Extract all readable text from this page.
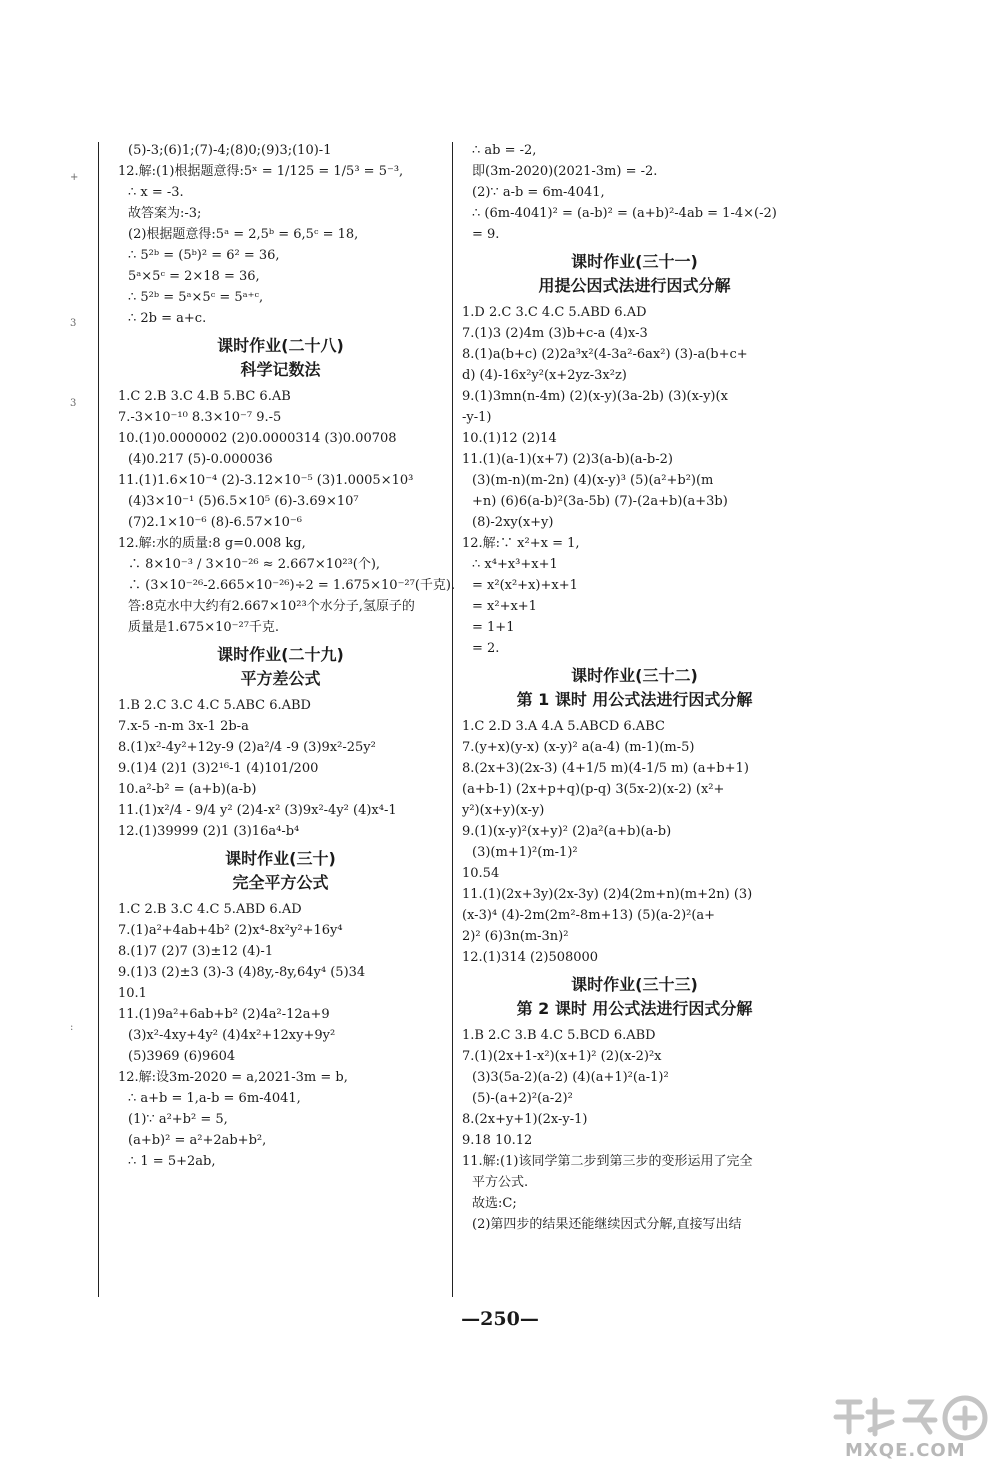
+
3
3
:
(5)-3;(6)1;(7)-4;(8)0;(9)3;(10)-1
12.解:(1)根据题意得:5ˣ = 1/125 = 1/5³ = 5⁻³,
∴ x = -3.
故答案为:-3;
(2)根据题意得:5ᵃ = 2,5ᵇ = 6,5ᶜ = 18,
∴ 5²ᵇ = (5ᵇ)² = 6² = 36,
5ᵃ×5ᶜ = 2×18 = 36,
∴ 5²ᵇ = 5ᵃ×5ᶜ = 5ᵃ⁺ᶜ,
∴ 2b = a+c.
课时作业(二十八)
科学记数法
1.C 2.B 3.C 4.B 5.BC 6.AB
7.-3×10⁻¹⁰ 8.3×10⁻⁷ 9.-5
10.(1)0.0000002 (2)0.0000314 (3)0.00708
(4)0.217 (5)-0.000036
11.(1)1.6×10⁻⁴ (2)-3.12×10⁻⁵ (3)1.0005×10³
(4)3×10⁻¹ (5)6.5×10⁵ (6)-3.69×10⁷
(7)2.1×10⁻⁶ (8)-6.57×10⁻⁶
12.解:水的质量:8 g=0.008 kg,
∴ 8×10⁻³ / 3×10⁻²⁶ ≈ 2.667×10²³(个),
∴ (3×10⁻²⁶-2.665×10⁻²⁶)÷2 = 1.675×10⁻²⁷(千克).
答:8克水中大约有2.667×10²³个水分子,氢原子的
质量是1.675×10⁻²⁷千克.
课时作业(二十九)
平方差公式
1.B 2.C 3.C 4.C 5.ABC 6.ABD
7.x-5 -n-m 3x-1 2b-a
8.(1)x²-4y²+12y-9 (2)a²/4 -9 (3)9x²-25y²
9.(1)4 (2)1 (3)2¹⁶-1 (4)101/200
10.a²-b² = (a+b)(a-b)
11.(1)x²/4 - 9/4 y² (2)4-x² (3)9x²-4y² (4)x⁴-1
12.(1)39999 (2)1 (3)16a⁴-b⁴
课时作业(三十)
完全平方公式
1.C 2.B 3.C 4.C 5.ABD 6.AD
7.(1)a²+4ab+4b² (2)x⁴-8x²y²+16y⁴
8.(1)7 (2)7 (3)±12 (4)-1
9.(1)3 (2)±3 (3)-3 (4)8y,-8y,64y⁴ (5)34
10.1
11.(1)9a²+6ab+b² (2)4a²-12a+9
(3)x²-4xy+4y² (4)4x²+12xy+9y²
(5)3969 (6)9604
12.解:设3m-2020 = a,2021-3m = b,
∴ a+b = 1,a-b = 6m-4041,
(1)∵ a²+b² = 5,
(a+b)² = a²+2ab+b²,
∴ 1 = 5+2ab,
∴ ab = -2,
即(3m-2020)(2021-3m) = -2.
(2)∵ a-b = 6m-4041,
∴ (6m-4041)² = (a-b)² = (a+b)²-4ab = 1-4×(-2)
= 9.
课时作业(三十一)
用提公因式法进行因式分解
1.D 2.C 3.C 4.C 5.ABD 6.AD
7.(1)3 (2)4m (3)b+c-a (4)x-3
8.(1)a(b+c) (2)2a³x²(4-3a²-6ax²) (3)-a(b+c+
d) (4)-16x²y²(x+2yz-3x²z)
9.(1)3mn(n-4m) (2)(x-y)(3a-2b) (3)(x-y)(x
-y-1)
10.(1)12 (2)14
11.(1)(a-1)(x+7) (2)3(a-b)(a-b-2)
(3)(m-n)(m-2n) (4)(x-y)³ (5)(a²+b²)(m
+n) (6)6(a-b)²(3a-5b) (7)-(2a+b)(a+3b)
(8)-2xy(x+y)
12.解:∵ x²+x = 1,
∴ x⁴+x³+x+1
= x²(x²+x)+x+1
= x²+x+1
= 1+1
= 2.
课时作业(三十二)
第 1 课时 用公式法进行因式分解
1.C 2.D 3.A 4.A 5.ABCD 6.ABC
7.(y+x)(y-x) (x-y)² a(a-4) (m-1)(m-5)
8.(2x+3)(2x-3) (4+1/5 m)(4-1/5 m) (a+b+1)
(a+b-1) (2x+p+q)(p-q) 3(5x-2)(x-2) (x²+
y²)(x+y)(x-y)
9.(1)(x-y)²(x+y)² (2)a²(a+b)(a-b)
(3)(m+1)²(m-1)²
10.54
11.(1)(2x+3y)(2x-3y) (2)4(2m+n)(m+2n) (3)
(x-3)⁴ (4)-2m(2m²-8m+13) (5)(a-2)²(a+
2)² (6)3n(m-3n)²
12.(1)314 (2)508000
课时作业(三十三)
第 2 课时 用公式法进行因式分解
1.B 2.C 3.B 4.C 5.BCD 6.ABD
7.(1)(2x+1-x²)(x+1)² (2)(x-2)²x
(3)3(5a-2)(a-2) (4)(a+1)²(a-1)²
(5)-(a+2)²(a-2)²
8.(2x+y+1)(2x-y-1)
9.18 10.12
11.解:(1)该同学第二步到第三步的变形运用了完全
平方公式.
故选:C;
(2)第四步的结果还能继续因式分解,直接写出结
—250—
MXQE.COM
